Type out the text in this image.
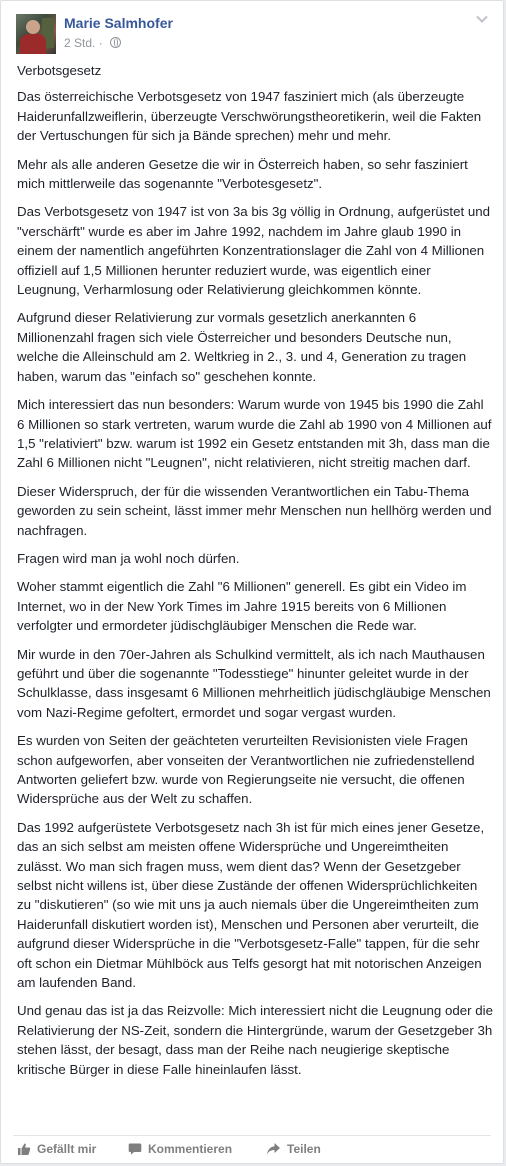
Marie Salmhofer
2 Std. ·

Verbotsgesetz

Das österreichische Verbotsgesetz von 1947 fasziniert mich (als überzeugte Haiderunfallzweiflerin, überzeugte Verschwörungstheoretikerin, weil die Fakten der Vertuschungen für sich ja Bände sprechen) mehr und mehr.

Mehr als alle anderen Gesetze die wir in Österreich haben, so sehr fasziniert mich mittlerweile das sogenannte "Verbotesgesetz".

Das Verbotsgesetz von 1947 ist von 3a bis 3g völlig in Ordnung, aufgerüstet und "verschärft" wurde es aber im Jahre 1992, nachdem im Jahre glaub 1990 in einem der namentlich angeführten Konzentrationslager die Zahl von 4 Millionen offiziell auf 1,5 Millionen herunter reduziert wurde, was eigentlich einer Leugnung, Verharmlosung oder Relativierung gleichkommen könnte.

Aufgrund dieser Relativierung zur vormals gesetzlich anerkannten 6 Millionenzahl fragen sich viele Österreicher und besonders Deutsche nun, welche die Alleinschuld am 2. Weltkrieg in 2., 3. und 4, Generation zu tragen haben, warum das "einfach so" geschehen konnte.

Mich interessiert das nun besonders: Warum wurde von 1945 bis 1990 die Zahl 6 Millionen so stark vertreten, warum wurde die Zahl ab 1990 von 4 Millionen auf 1,5 "relativiert" bzw. warum ist 1992 ein Gesetz entstanden mit 3h, dass man die Zahl 6 Millionen nicht "Leugnen", nicht relativieren, nicht streitig machen darf.

Dieser Widerspruch, der für die wissenden Verantwortlichen ein Tabu-Thema geworden zu sein scheint, lässt immer mehr Menschen nun hellhörg werden und nachfragen.

Fragen wird man ja wohl noch dürfen.

Woher stammt eigentlich die Zahl "6 Millionen" generell. Es gibt ein Video im Internet, wo in der New York Times im Jahre 1915 bereits von 6 Millionen verfolgter und ermordeter jüdischgläubiger Menschen die Rede war.

Mir wurde in den 70er-Jahren als Schulkind vermittelt, als ich nach Mauthausen geführt und über die sogenannte "Todesstiege" hinunter geleitet wurde in der Schulklasse, dass insgesamt 6 Millionen mehrheitlich jüdischgläubige Menschen vom Nazi-Regime gefoltert, ermordet und sogar vergast wurden.

Es wurden von Seiten der geächteten verurteilten Revisionisten viele Fragen schon aufgeworfen, aber vonseiten der Verantwortlichen nie zufriedenstellend Antworten geliefert bzw. wurde von Regierungseite nie versucht, die offenen Widersprüche aus der Welt zu schaffen.

Das 1992 aufgerüstete Verbotsgesetz nach 3h ist für mich eines jener Gesetze, das an sich selbst am meisten offene Widersprüche und Ungereimtheiten zulässt. Wo man sich fragen muss, wem dient das? Wenn der Gesetzgeber selbst nicht willens ist, über diese Zustände der offenen Widersprüchlichkeiten zu "diskutieren" (so wie mit uns ja auch niemals über die Ungereimtheiten zum Haiderunfall diskutiert worden ist), Menschen und Personen aber verurteilt, die aufgrund dieser Widersprüche in die "Verbotsgesetz-Falle" tappen, für die sehr oft schon ein Dietmar Mühlböck aus Telfs gesorgt hat mit notorischen Anzeigen am laufenden Band.

Und genau das ist ja das Reizvolle: Mich interessiert nicht die Leugnung oder die Relativierung der NS-Zeit, sondern die Hintergründe, warum der Gesetzgeber 3h stehen lässt, der besagt, dass man der Reihe nach neugierige skeptische kritische Bürger in diese Falle hineinlaufen lässt.

Gefällt mir	Kommentieren	Teilen
